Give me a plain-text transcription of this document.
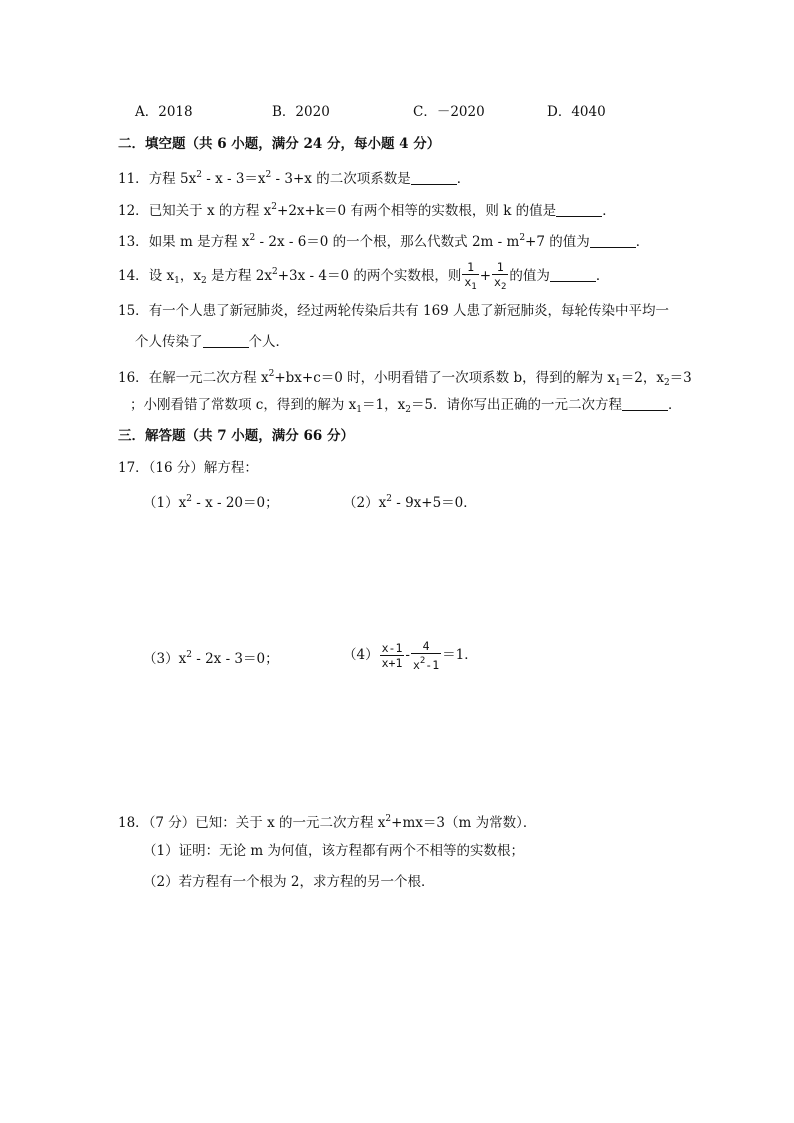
A．2018	B．2020	C．－2020	D．4040
二．填空题（共 6 小题，满分 24 分，每小题 4 分）
11．方程 $5x^2 - x - 3=x^2 - 3+x$ 的二次项系数是	．
12．已知关于 x 的方程 $x^2+2x+k=0$ 有两个相等的实数根，则 k 的值是	．
13．如果 m 是方程 $x^2 - 2x - 6=0$ 的一个根，那么代数式 $2m - m^2+7$ 的值为	．
14．设 $x_1$，$x_2$ 是方程 $2x^2+3x - 4=0$ 的两个实数根，则 $\frac{1}{x_1} + \frac{1}{x_2}$ 的值为	．
15．有一个人患了新冠肺炎，经过两轮传染后共有 169 人患了新冠肺炎，每轮传染中平均一
个人传染了	个人．
16．在解一元二次方程 $x^2+bx+c=0$ 时，小明看错了一次项系数 b，得到的解为 $x_1=2$，$x_2=3$
；小刚看错了常数项 c，得到的解为 $x_1=1$，$x_2=5$．请你写出正确的一元二次方程	．
三．解答题（共 7 小题，满分 66 分）
17．（16 分）解方程：
$(1)x^2 - x - 20=0$；	$(2)x^2 - 9x+5=0$．
$(3)x^2 - 2x - 3=0$；	$(4) \frac{x-1}{x+1} - \frac{4}{x^2-1} =1$．
18．（7 分）已知：关于 x 的一元二次方程 $x^2+mx=3(m$ 为常数）．
（1）证明：无论 m 为何值，该方程都有两个不相等的实数根；
（2）若方程有一个根为 2，求方程的另一个根．
